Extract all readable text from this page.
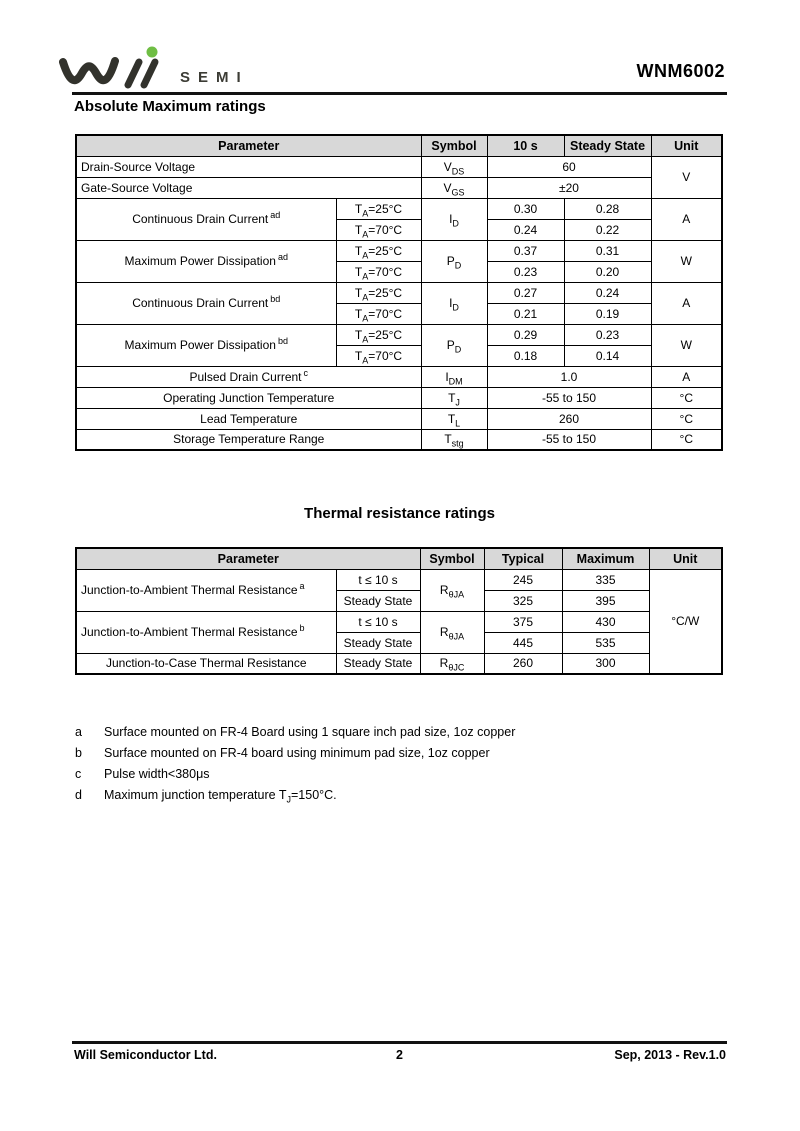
SEMI	WNM6002
Absolute Maximum ratings
Parameter		Symbol	10 s	Steady State	Unit
Drain-Source Voltage		$V_{DS}$	60		V
Gate-Source Voltage		$V_{GS}$	±20		
Continuous Drain Current $^{ad}$	$T_A=25^\circ C$	$I_D$	0.30	0.28	A
	$T_A=70^\circ C$		0.24	0.22	
Maximum Power Dissipation $^{ad}$	$T_A=25^\circ C$	$P_D$	0.37	0.31	W
	$T_A=70^\circ C$		0.23	0.20	
Continuous Drain Current $^{bd}$	$T_A=25^\circ C$	$I_D$	0.27	0.24	A
	$T_A=70^\circ C$		0.21	0.19	
Maximum Power Dissipation $^{bd}$	$T_A=25^\circ C$	$P_D$	0.29	0.23	W
	$T_A=70^\circ C$		0.18	0.14	
Pulsed Drain Current $^c$		$I_{DM}$	1.0		A
Operating Junction Temperature		$T_J$	-55 to 150		°C
Lead Temperature		$T_L$	260		°C
Storage Temperature Range		$T_{stg}$	-55 to 150		°C
Thermal resistance ratings
Parameter		Symbol	Typical	Maximum	Unit
Junction-to-Ambient Thermal Resistance $^a$	t ≤ 10 s	$R_{\theta JA}$	245	335	°C/W
	Steady State		325	395	
Junction-to-Ambient Thermal Resistance $^b$	t ≤ 10 s	$R_{\theta JA}$	375	430	
	Steady State		445	535	
Junction-to-Case Thermal Resistance	Steady State	$R_{\theta JC}$	260	300	
a	Surface mounted on FR-4 Board using 1 square inch pad size, 1oz copper
b	Surface mounted on FR-4 board using minimum pad size, 1oz copper
c	Pulse width<380μs
d	Maximum junction temperature $T_J=150^\circ C$.
Will Semiconductor Ltd.	2	Sep, 2013 - Rev.1.0
